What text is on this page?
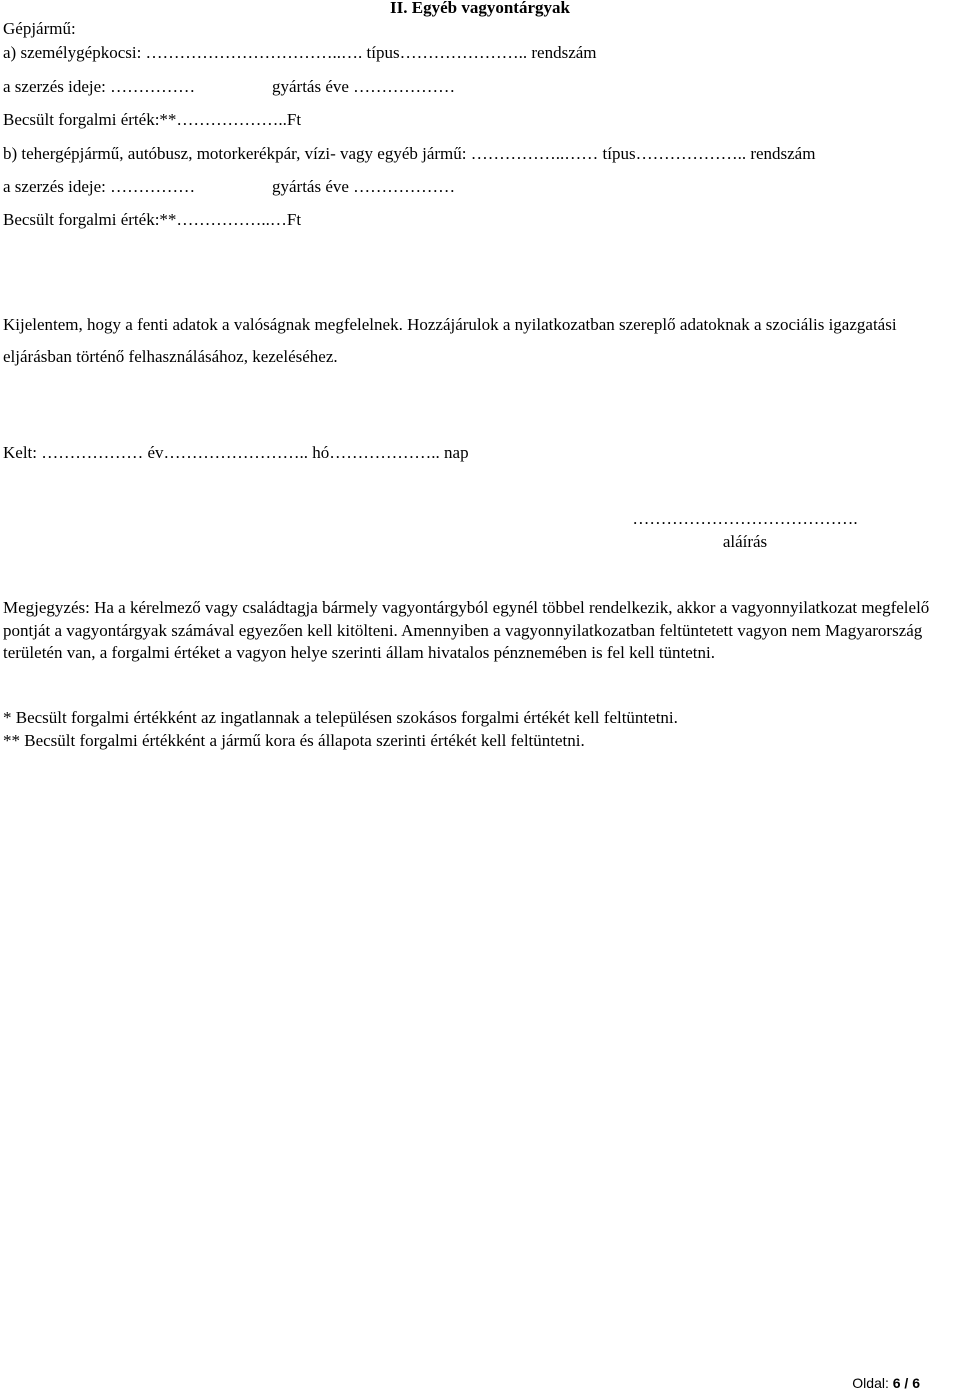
II. Egyéb vagyontárgyak
Gépjármű:
a) személygépkocsi: ……………………………..…. típus………………….. rendszám
a szerzés ideje: ……………	gyártás éve ………………
Becsült forgalmi érték:**………………..Ft
b) tehergépjármű, autóbusz, motorkerékpár, vízi- vagy egyéb jármű: ……………..…… típus……………….. rendszám
a szerzés ideje: ……………	gyártás éve ………………
Becsült forgalmi érték:**……………..…Ft
Kijelentem, hogy a fenti adatok a valóságnak megfelelnek. Hozzájárulok a nyilatkozatban szereplő adatoknak a szociális igazgatási eljárásban történő felhasználásához, kezeléséhez.
Kelt: ……………… év…………………….. hó……………….. nap
………………………………….
aláírás
Megjegyzés: Ha a kérelmező vagy családtagja bármely vagyontárgyból egynél többel rendelkezik, akkor a vagyonnyilatkozat megfelelő pontját a vagyontárgyak számával egyezően kell kitölteni. Amennyiben a vagyonnyilatkozatban feltüntetett vagyon nem Magyarország területén van, a forgalmi értéket a vagyon helye szerinti állam hivatalos pénznemében is fel kell tüntetni.
* Becsült forgalmi értékként az ingatlannak a településen szokásos forgalmi értékét kell feltüntetni.
** Becsült forgalmi értékként a jármű kora és állapota szerinti értékét kell feltüntetni.
Oldal: 6 / 6
